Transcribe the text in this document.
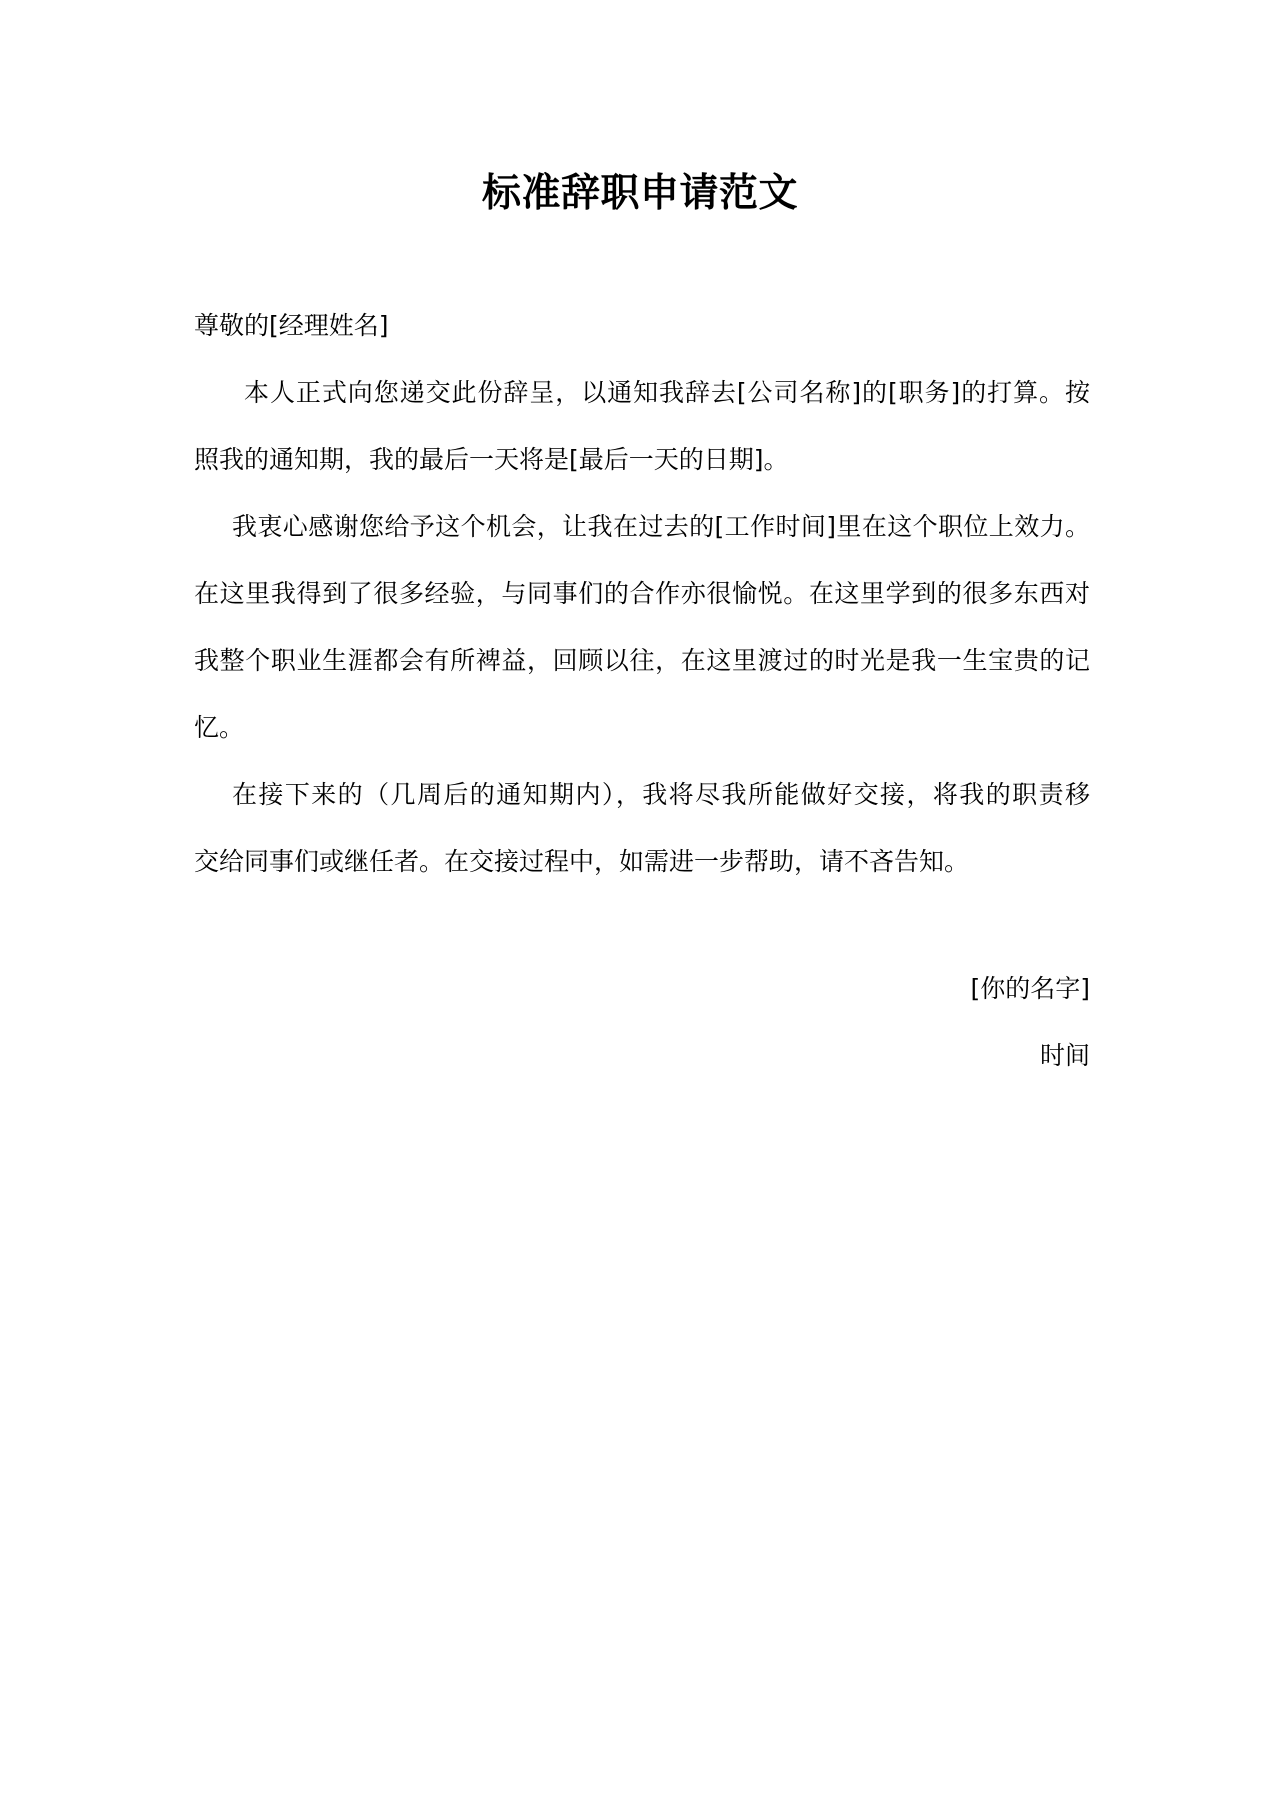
标准辞职申请范文
尊敬的[经理姓名]
本人正式向您递交此份辞呈，以通知我辞去[公司名称]的[职务]的打算。按
照我的通知期，我的最后一天将是[最后一天的日期]。
我衷心感谢您给予这个机会，让我在过去的[工作时间]里在这个职位上效力。
在这里我得到了很多经验，与同事们的合作亦很愉悦。在这里学到的很多东西对
我整个职业生涯都会有所裨益，回顾以往，在这里渡过的时光是我一生宝贵的记
忆。
在接下来的（几周后的通知期内），我将尽我所能做好交接，将我的职责移
交给同事们或继任者。在交接过程中，如需进一步帮助，请不吝告知。
[你的名字]
时间
